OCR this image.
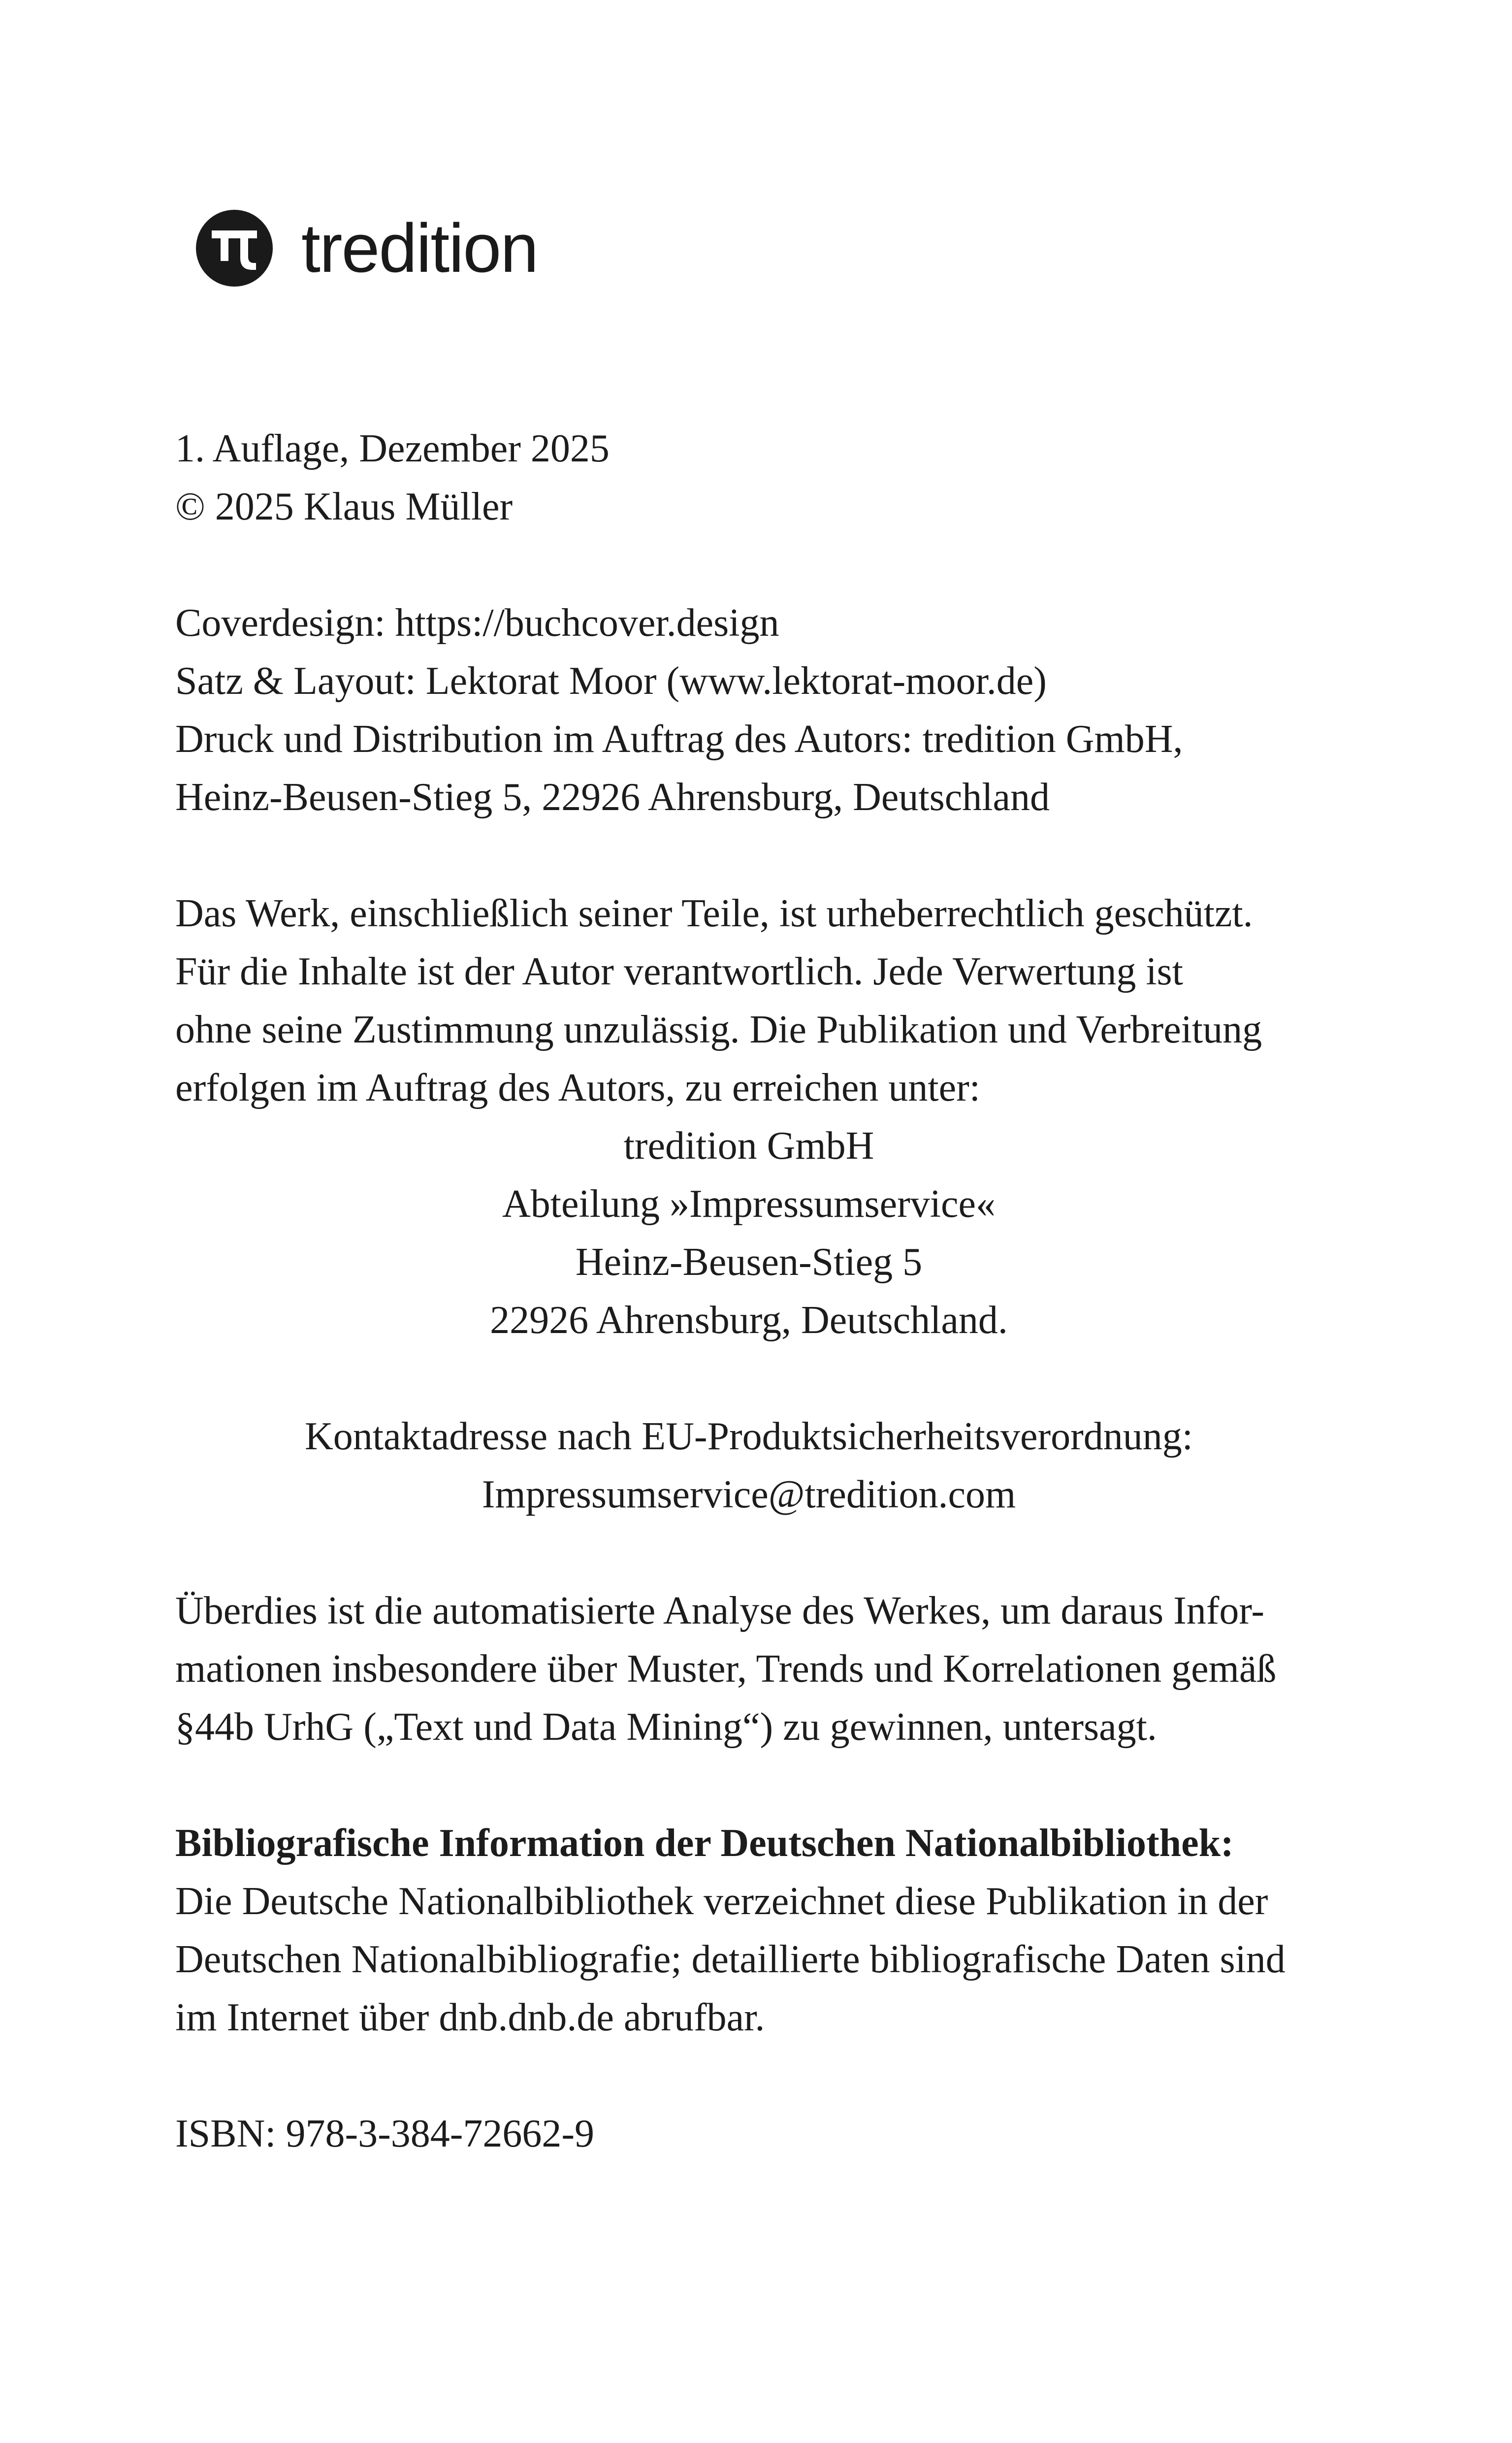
tredition
1. Auflage, Dezember 2025
© 2025 Klaus Müller
Coverdesign: https://buchcover.design
Satz & Layout: Lektorat Moor (www.lektorat-moor.de)
Druck und Distribution im Auftrag des Autors: tredition GmbH,
Heinz-Beusen-Stieg 5, 22926 Ahrensburg, Deutschland
Das Werk, einschließlich seiner Teile, ist urheberrechtlich geschützt.
Für die Inhalte ist der Autor verantwortlich. Jede Verwertung ist
ohne seine Zustimmung unzulässig. Die Publikation und Verbreitung
erfolgen im Auftrag des Autors, zu erreichen unter:
tredition GmbH
Abteilung »Impressumservice«
Heinz-Beusen-Stieg 5
22926 Ahrensburg, Deutschland.
Kontaktadresse nach EU-Produktsicherheitsverordnung:
Impressumservice@tredition.com
Überdies ist die automatisierte Analyse des Werkes, um daraus Infor-
mationen insbesondere über Muster, Trends und Korrelationen gemäß
§44b UrhG („Text und Data Mining“) zu gewinnen, untersagt.
Bibliografische Information der Deutschen Nationalbibliothek:
Die Deutsche Nationalbibliothek verzeichnet diese Publikation in der
Deutschen Nationalbibliografie; detaillierte bibliografische Daten sind
im Internet über dnb.dnb.de abrufbar.
ISBN: 978-3-384-72662-9
